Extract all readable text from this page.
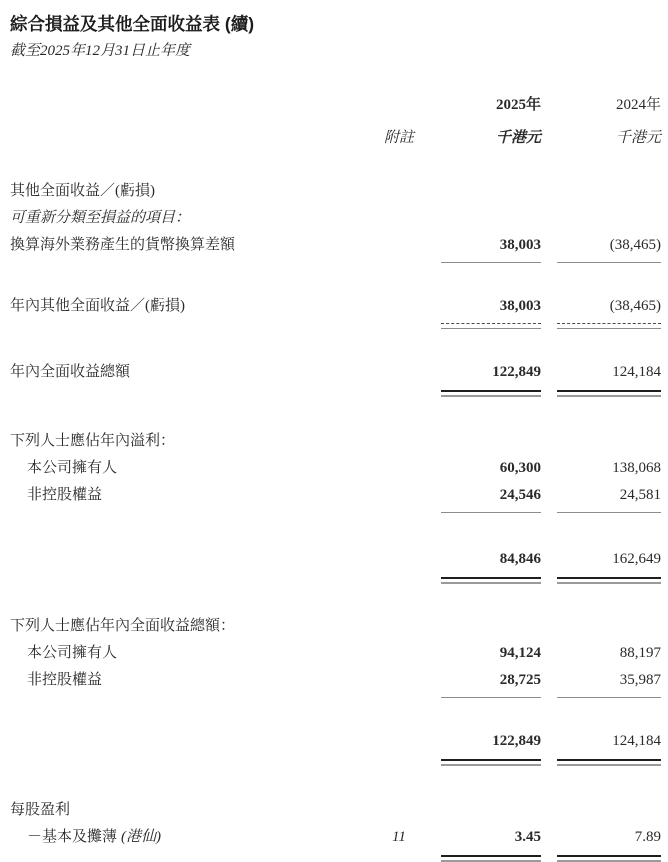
綜合損益及其他全面收益表 (續)
截至2025年12月31日止年度
2025年	2024年
附註	千港元	千港元
其他全面收益／(虧損)
可重新分類至損益的項目：
換算海外業務產生的貨幣換算差額	38,003	(38,465)
年內其他全面收益／(虧損)	38,003	(38,465)
年內全面收益總額	122,849	124,184
下列人士應佔年內溢利：
本公司擁有人	60,300	138,068
非控股權益	24,546	24,581
84,846	162,649
下列人士應佔年內全面收益總額：
本公司擁有人	94,124	88,197
非控股權益	28,725	35,987
122,849	124,184
每股盈利
－基本及攤薄 (港仙)	11	3.45	7.89
